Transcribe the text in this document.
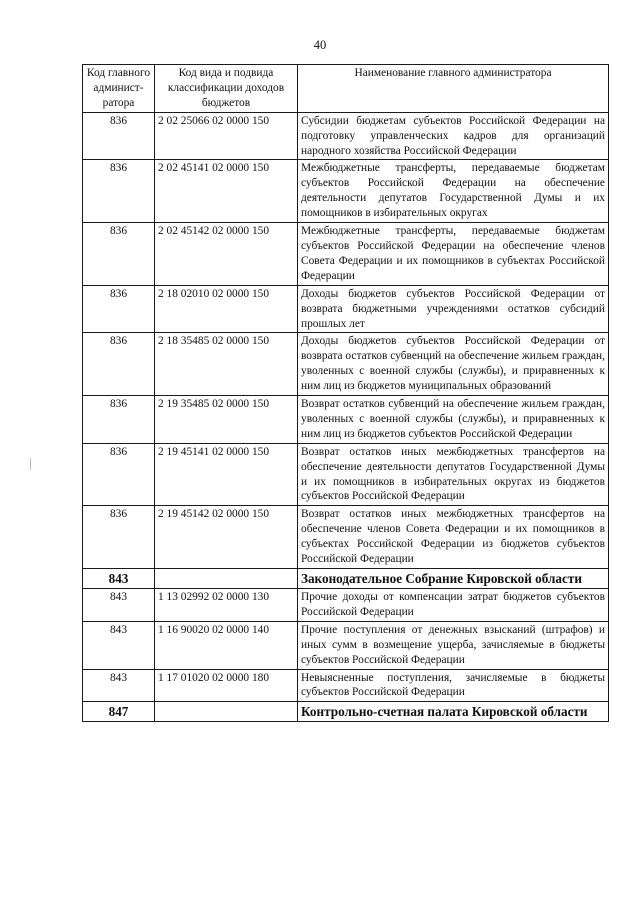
40
Код главного админист-ратора	Код вида и подвида классификации доходов бюджетов	Наименование главного администратора
836	2 02 25066 02 0000 150	Субсидии бюджетам субъектов Российской Федерации на подготовку управленческих кадров для организаций народного хозяйства Российской Федерации
836	2 02 45141 02 0000 150	Межбюджетные трансферты, передаваемые бюджетам субъектов Российской Федерации на обеспечение деятельности депутатов Государственной Думы и их помощников в избирательных округах
836	2 02 45142 02 0000 150	Межбюджетные трансферты, передаваемые бюджетам субъектов Российской Федерации на обеспечение членов Совета Федерации и их помощников в субъектах Российской Федерации
836	2 18 02010 02 0000 150	Доходы бюджетов субъектов Российской Федерации от возврата бюджетными учреждениями остатков субсидий прошлых лет
836	2 18 35485 02 0000 150	Доходы бюджетов субъектов Российской Федерации от возврата остатков субвенций на обеспечение жильем граждан, уволенных с военной службы (службы), и приравненных к ним лиц из бюджетов муниципальных образований
836	2 19 35485 02 0000 150	Возврат остатков субвенций на обеспечение жильем граждан, уволенных с военной службы (службы), и приравненных к ним лиц из бюджетов субъектов Российской Федерации
836	2 19 45141 02 0000 150	Возврат остатков иных межбюджетных трансфертов на обеспечение деятельности депутатов Государственной Думы и их помощников в избирательных округах из бюджетов субъектов Российской Федерации
836	2 19 45142 02 0000 150	Возврат остатков иных межбюджетных трансфертов на обеспечение членов Совета Федерации и их помощников в субъектах Российской Федерации из бюджетов субъектов Российской Федерации
843		Законодательное Собрание Кировской области
843	1 13 02992 02 0000 130	Прочие доходы от компенсации затрат бюджетов субъектов Российской Федерации
843	1 16 90020 02 0000 140	Прочие поступления от денежных взысканий (штрафов) и иных сумм в возмещение ущерба, зачисляемые в бюджеты субъектов Российской Федерации
843	1 17 01020 02 0000 180	Невыясненные поступления, зачисляемые в бюджеты субъектов Российской Федерации
847		Контрольно-счетная палата Кировской области
